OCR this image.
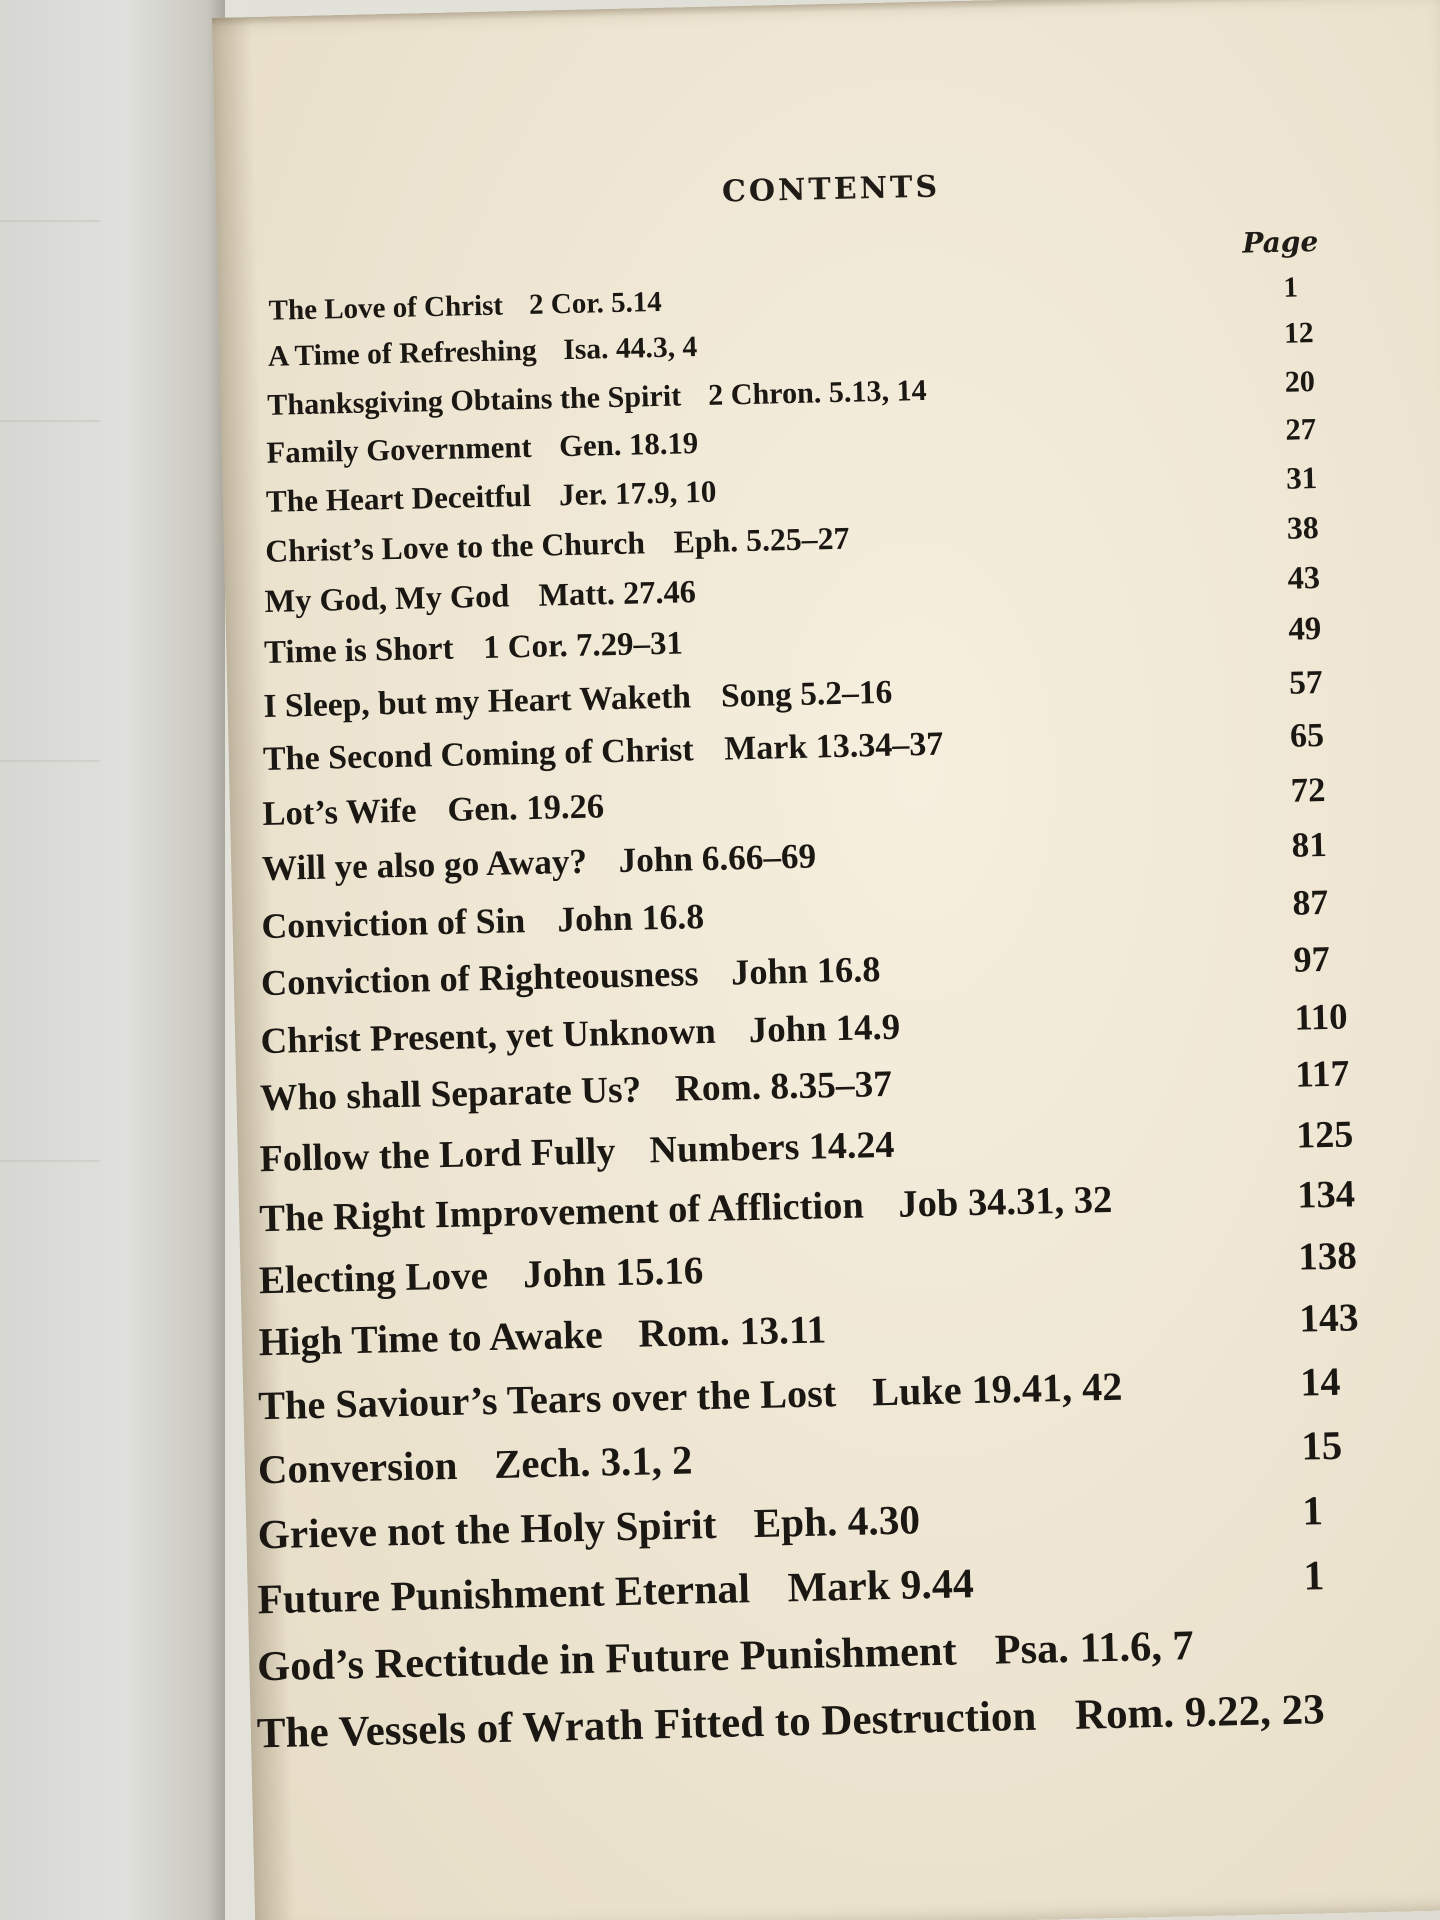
CONTENTS
Page
The Love of Christ 2 Cor. 5.14	1
A Time of Refreshing Isa. 44.3, 4	12
Thanksgiving Obtains the Spirit 2 Chron. 5.13, 14	20
Family Government Gen. 18.19	27
The Heart Deceitful Jer. 17.9, 10	31
Christ’s Love to the Church Eph. 5.25–27	38
My God, My God Matt. 27.46	43
Time is Short 1 Cor. 7.29–31	49
I Sleep, but my Heart Waketh Song 5.2–16	57
The Second Coming of Christ Mark 13.34–37	65
Lot’s Wife Gen. 19.26	72
Will ye also go Away? John 6.66–69	81
Conviction of Sin John 16.8	87
Conviction of Righteousness John 16.8	97
Christ Present, yet Unknown John 14.9	110
Who shall Separate Us? Rom. 8.35–37	117
Follow the Lord Fully Numbers 14.24	125
The Right Improvement of Affliction Job 34.31, 32	134
Electing Love John 15.16	138
High Time to Awake Rom. 13.11	143
The Saviour’s Tears over the Lost Luke 19.41, 42	14
Conversion Zech. 3.1, 2	15
Grieve not the Holy Spirit Eph. 4.30	1
Future Punishment Eternal Mark 9.44	1
God’s Rectitude in Future Punishment Psa. 11.6, 7
The Vessels of Wrath Fitted to Destruction Rom. 9.22, 23
